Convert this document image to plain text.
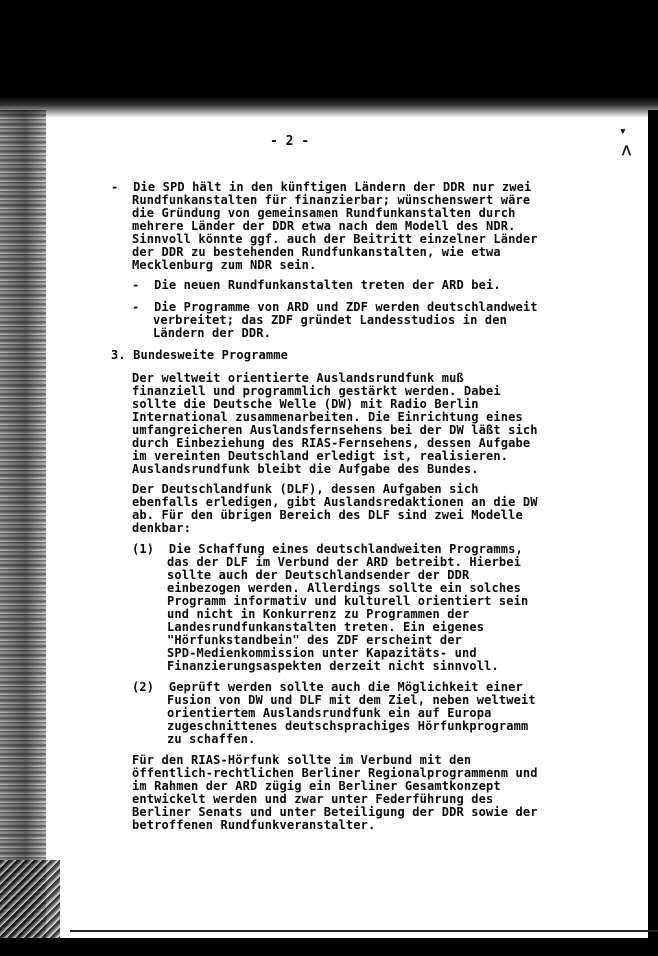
▾
ᐱ
- 2 -
-  Die SPD hält in den künftigen Ländern der DDR nur zwei
Rundfunkanstalten für finanzierbar; wünschenswert wäre
die Gründung von gemeinsamen Rundfunkanstalten durch
mehrere Länder der DDR etwa nach dem Modell des NDR.
Sinnvoll könnte ggf. auch der Beitritt einzelner Länder
der DDR zu bestehenden Rundfunkanstalten, wie etwa
Mecklenburg zum NDR sein.
-  Die neuen Rundfunkanstalten treten der ARD bei.
-  Die Programme von ARD und ZDF werden deutschlandweit
verbreitet; das ZDF gründet Landesstudios in den
Ländern der DDR.
3. Bundesweite Programme
Der weltweit orientierte Auslandsrundfunk muß
finanziell und programmlich gestärkt werden. Dabei
sollte die Deutsche Welle (DW) mit Radio Berlin
International zusammenarbeiten. Die Einrichtung eines
umfangreicheren Auslandsfernsehens bei der DW läßt sich
durch Einbeziehung des RIAS-Fernsehens, dessen Aufgabe
im vereinten Deutschland erledigt ist, realisieren.
Auslandsrundfunk bleibt die Aufgabe des Bundes.
Der Deutschlandfunk (DLF), dessen Aufgaben sich
ebenfalls erledigen, gibt Auslandsredaktionen an die DW
ab. Für den übrigen Bereich des DLF sind zwei Modelle
denkbar:
(1)  Die Schaffung eines deutschlandweiten Programms,
das der DLF im Verbund der ARD betreibt. Hierbei
sollte auch der Deutschlandsender der DDR
einbezogen werden. Allerdings sollte ein solches
Programm informativ und kulturell orientiert sein
und nicht in Konkurrenz zu Programmen der
Landesrundfunkanstalten treten. Ein eigenes
"Hörfunkstandbein" des ZDF erscheint der
SPD-Medienkommission unter Kapazitäts- und
Finanzierungsaspekten derzeit nicht sinnvoll.
(2)  Geprüft werden sollte auch die Möglichkeit einer
Fusion von DW und DLF mit dem Ziel, neben weltweit
orientiertem Auslandsrundfunk ein auf Europa
zugeschnittenes deutschsprachiges Hörfunkprogramm
zu schaffen.
Für den RIAS-Hörfunk sollte im Verbund mit den
öffentlich-rechtlichen Berliner Regionalprogrammenm und
im Rahmen der ARD zügig ein Berliner Gesamtkonzept
entwickelt werden und zwar unter Federführung des
Berliner Senats und unter Beteiligung der DDR sowie der
betroffenen Rundfunkveranstalter.
